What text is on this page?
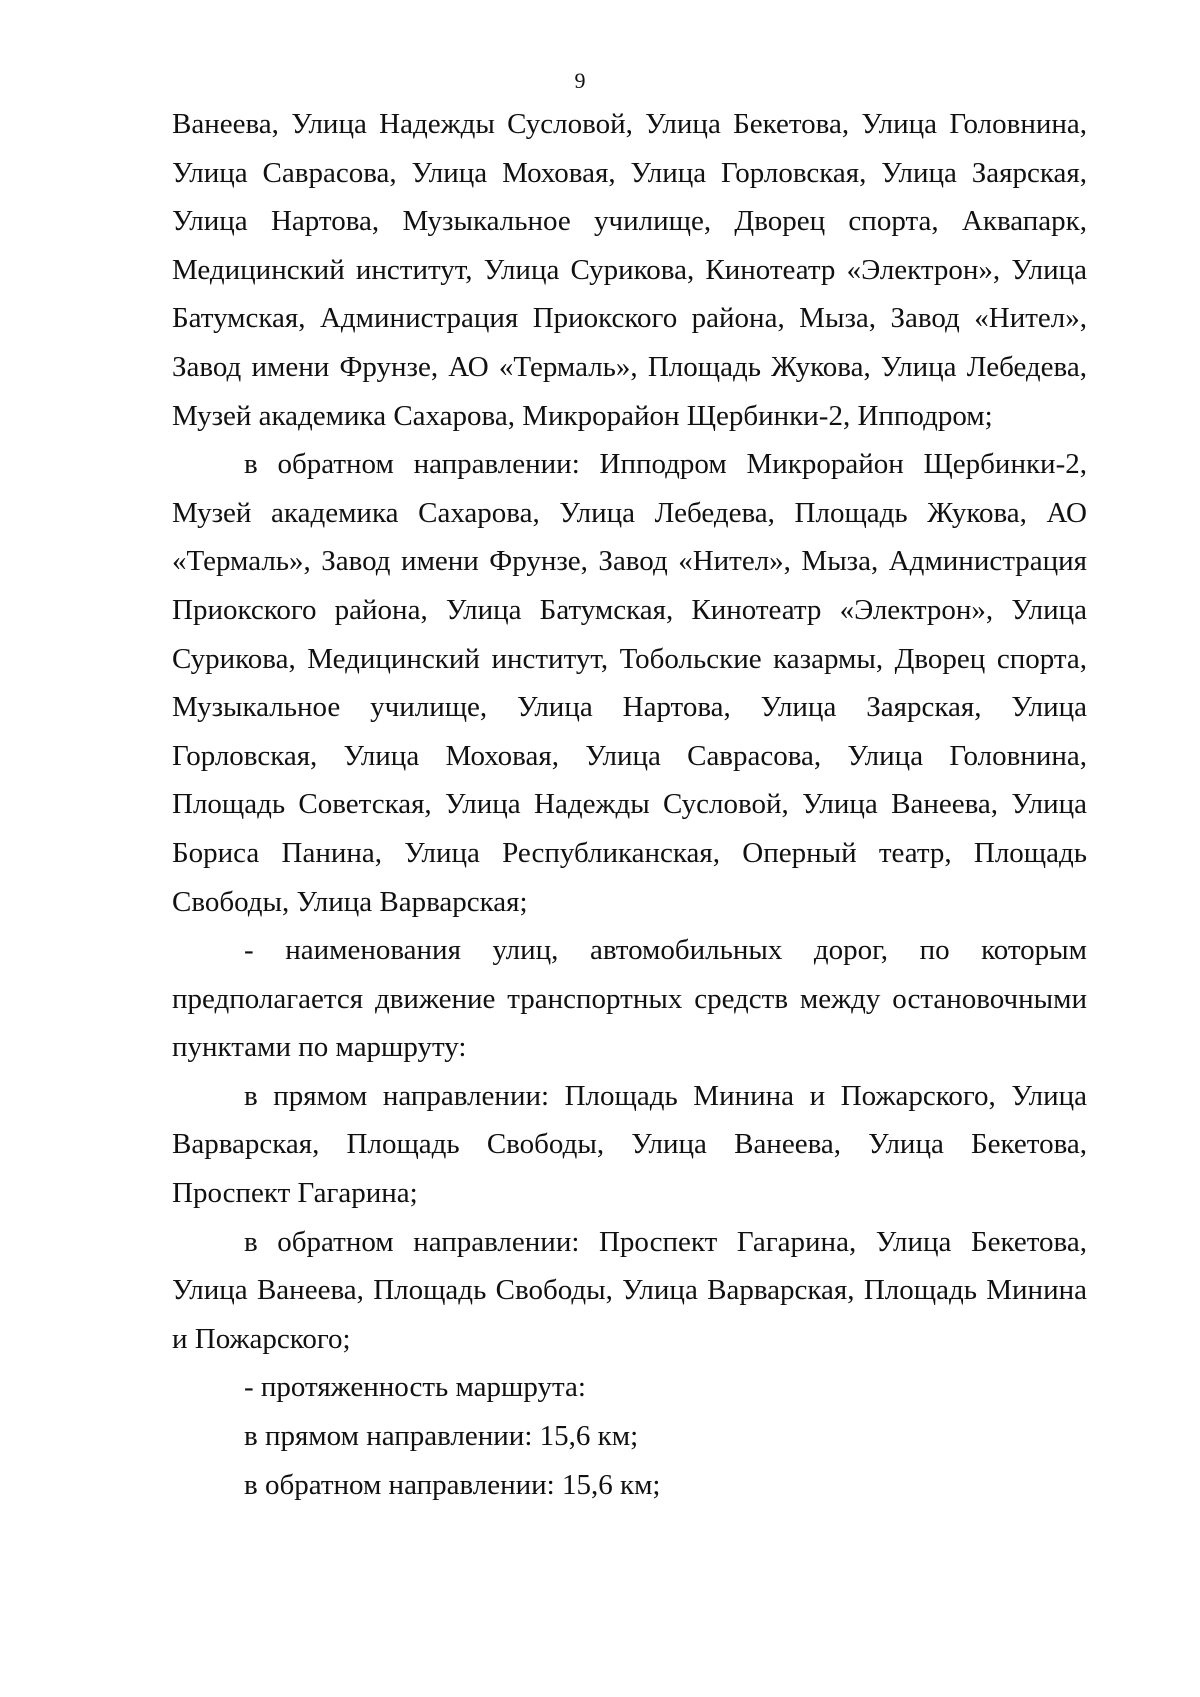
9

Ванеева, Улица Надежды Сусловой, Улица Бекетова, Улица Головнина, Улица Саврасова, Улица Моховая, Улица Горловская, Улица Заярская, Улица Нартова, Музыкальное училище, Дворец спорта, Аквапарк, Медицинский институт, Улица Сурикова, Кинотеатр «Электрон», Улица Батумская, Администрация Приокского района, Мыза, Завод «Нител», Завод имени Фрунзе, АО «Термаль», Площадь Жукова, Улица Лебедева, Музей академика Сахарова, Микрорайон Щербинки-2, Ипподром;

в обратном направлении: Ипподром Микрорайон Щербинки-2, Музей академика Сахарова, Улица Лебедева, Площадь Жукова, АО «Термаль», Завод имени Фрунзе, Завод «Нител», Мыза, Администрация Приокского района, Улица Батумская, Кинотеатр «Электрон», Улица Сурикова, Медицинский институт, Тобольские казармы, Дворец спорта, Музыкальное училище, Улица Нартова, Улица Заярская, Улица Горловская, Улица Моховая, Улица Саврасова, Улица Головнина, Площадь Советская, Улица Надежды Сусловой, Улица Ванеева, Улица Бориса Панина, Улица Республиканская, Оперный театр, Площадь Свободы, Улица Варварская;

- наименования улиц, автомобильных дорог, по которым предполагается движение транспортных средств между остановочными пунктами по маршруту:

в прямом направлении: Площадь Минина и Пожарского, Улица Варварская, Площадь Свободы, Улица Ванеева, Улица Бекетова, Проспект Гагарина;

в обратном направлении: Проспект Гагарина, Улица Бекетова, Улица Ванеева, Площадь Свободы, Улица Варварская, Площадь Минина и Пожарского;

- протяженность маршрута:

в прямом направлении: 15,6 км;

в обратном направлении: 15,6 км;
